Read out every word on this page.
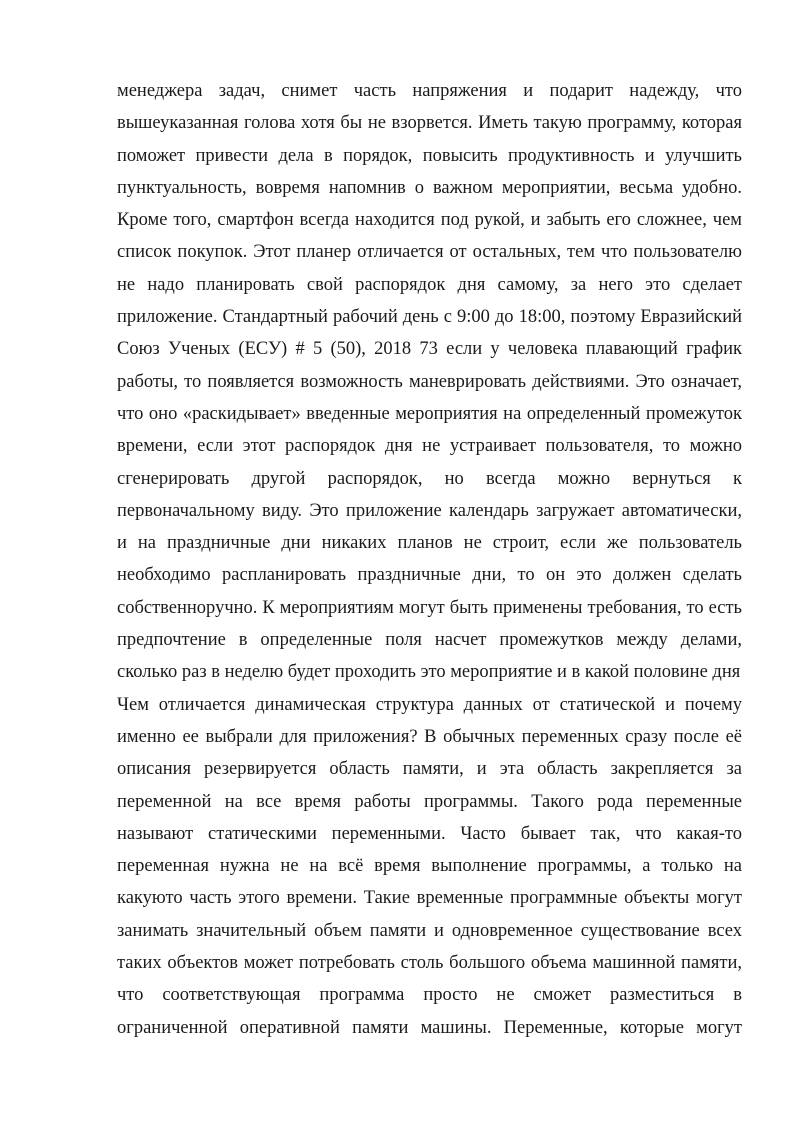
менеджера задач, снимет часть напряжения и подарит надежду, что
вышеуказанная голова хотя бы не взорвется. Иметь такую программу, которая
поможет привести дела в порядок, повысить продуктивность и улучшить
пунктуальность, вовремя напомнив о важном мероприятии, весьма удобно.
Кроме того, смартфон всегда находится под рукой, и забыть его сложнее, чем
список покупок. Этот планер отличается от остальных, тем что пользователю
не надо планировать свой распорядок дня самому, за него это сделает
приложение. Стандартный рабочий день с 9:00 до 18:00, поэтому Евразийский
Союз Ученых (ЕСУ) # 5 (50), 2018 73 если у человека плавающий график
работы, то появляется возможность маневрировать действиями. Это означает,
что оно «раскидывает» введенные мероприятия на определенный промежуток
времени, если этот распорядок дня не устраивает пользователя, то можно
сгенерировать другой распорядок, но всегда можно вернуться к
первоначальному виду. Это приложение календарь загружает автоматически,
и на праздничные дни никаких планов не строит, если же пользователь
необходимо распланировать праздничные дни, то он это должен сделать
собственноручно. К мероприятиям могут быть применены требования, то есть
предпочтение в определенные поля насчет промежутков между делами,
сколько раз в неделю будет проходить это мероприятие и в какой половине дня
Чем отличается динамическая структура данных от статической и почему
именно ее выбрали для приложения? В обычных переменных сразу после её
описания резервируется область памяти, и эта область закрепляется за
переменной на все время работы программы. Такого рода переменные
называют статическими переменными. Часто бывает так, что какая-то
переменная нужна не на всё время выполнение программы, а только на
какуюто часть этого времени. Такие временные программные объекты могут
занимать значительный объем памяти и одновременное существование всех
таких объектов может потребовать столь большого объема машинной памяти,
что соответствующая программа просто не сможет разместиться в
ограниченной оперативной памяти машины. Переменные, которые могут
